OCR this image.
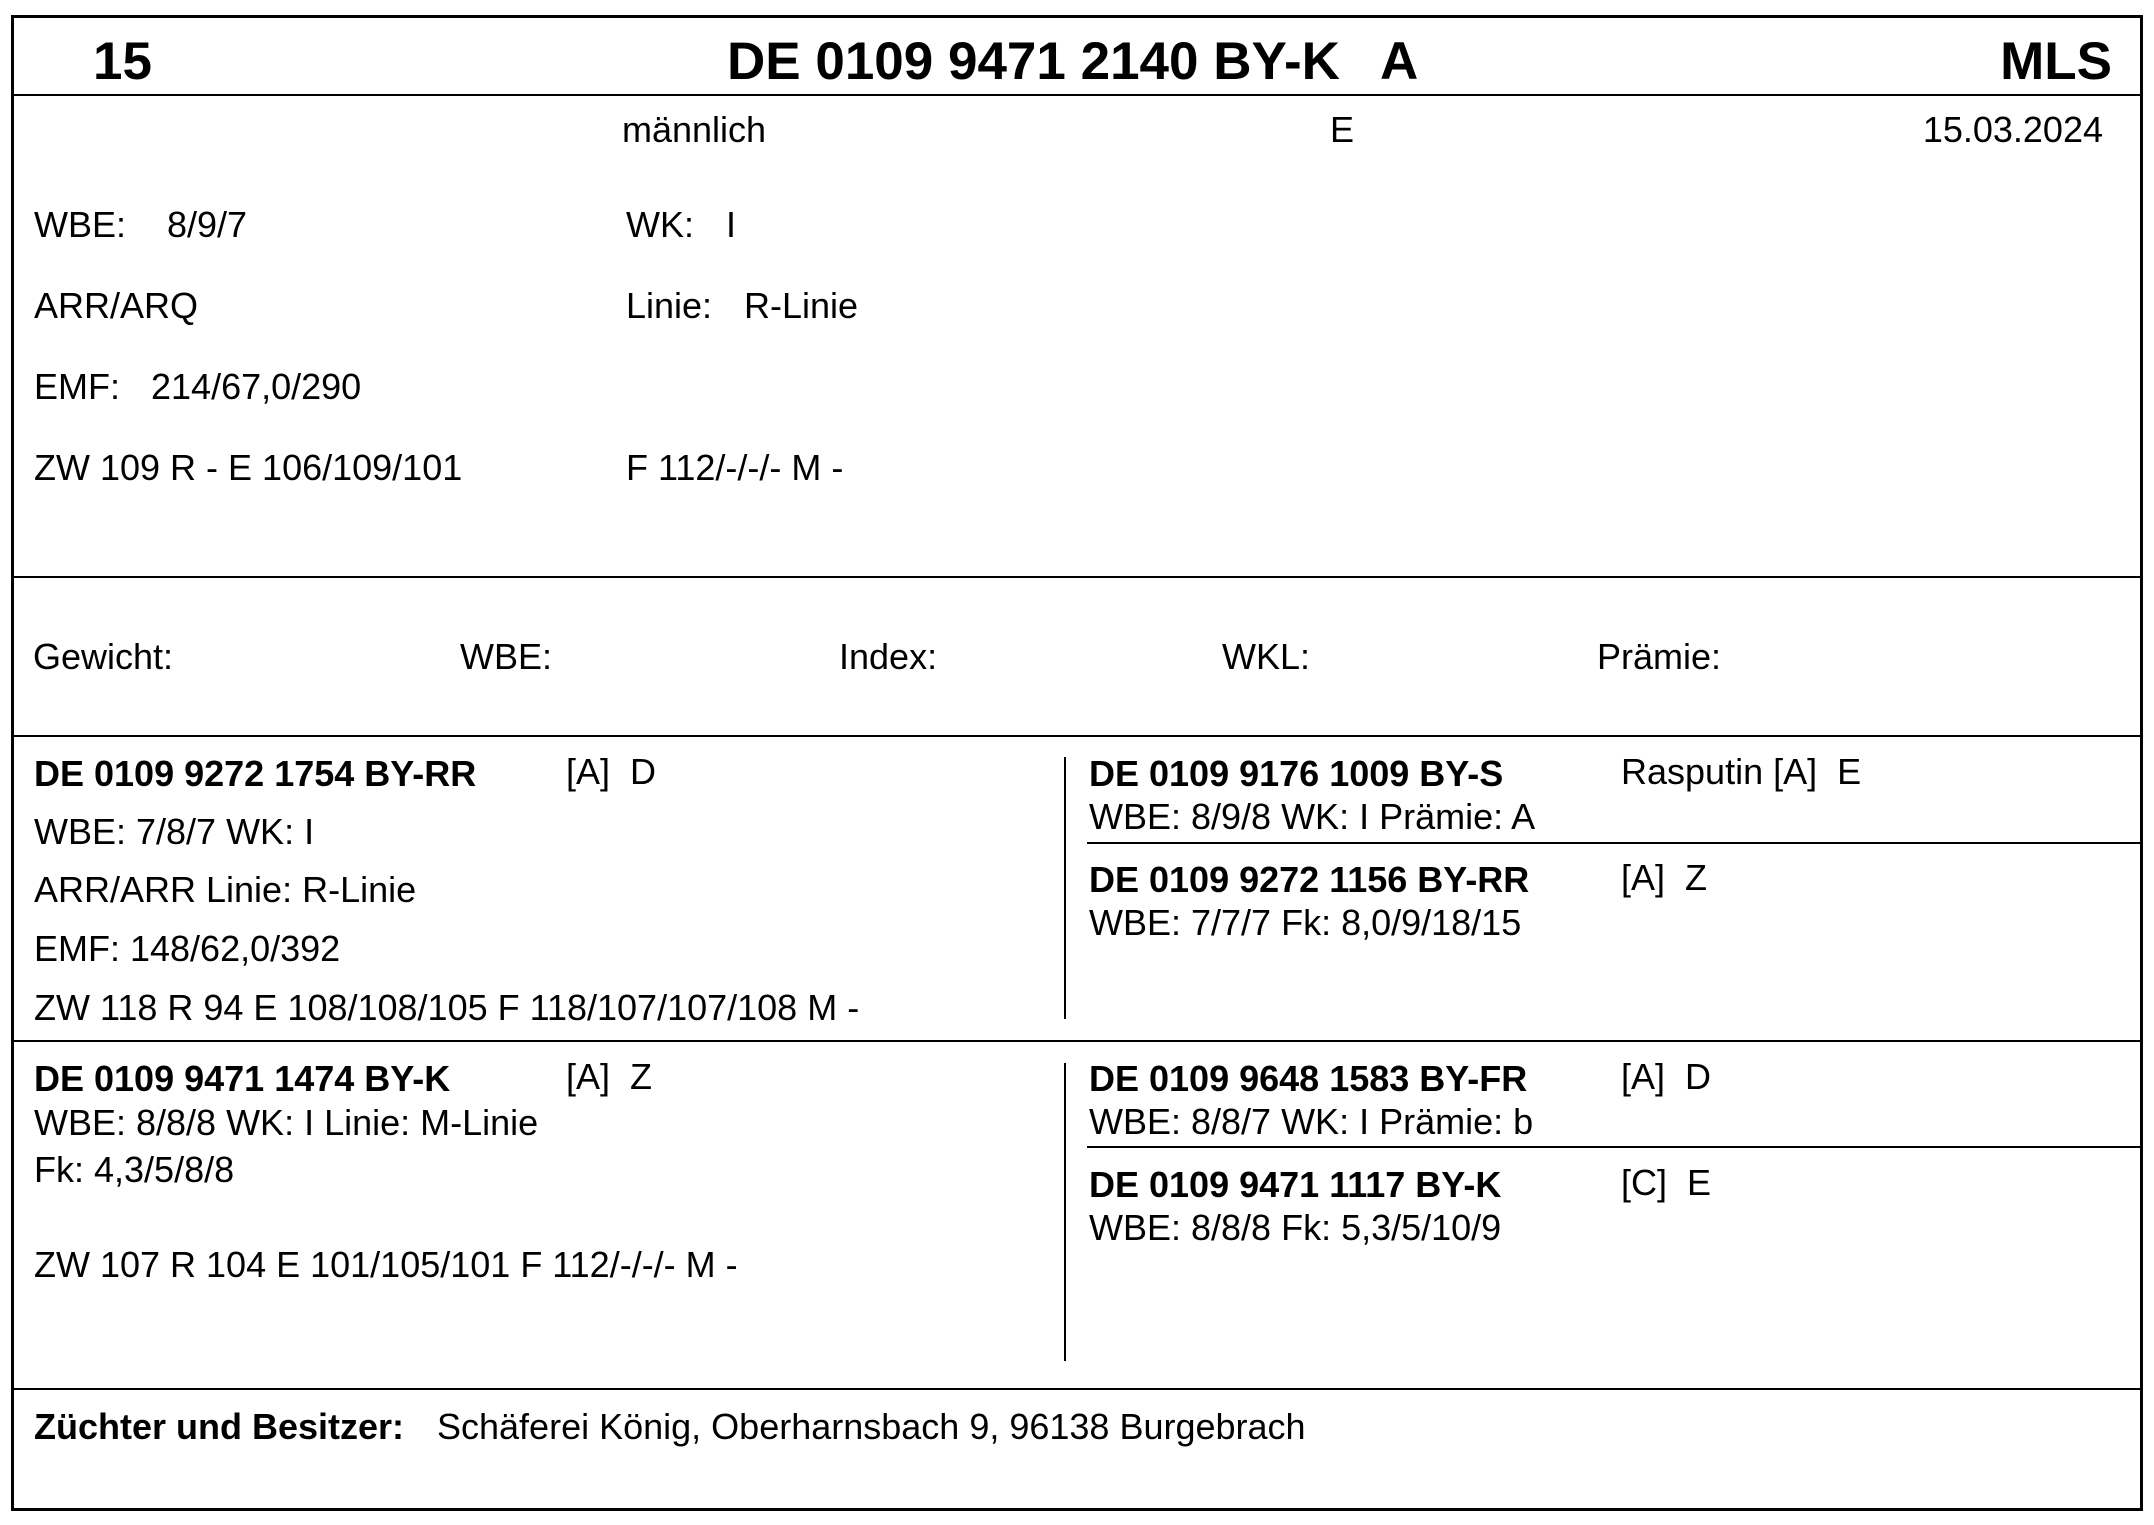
15	DE 0109 9471 2140 BY-K A	MLS
männlich	E	15.03.2024
WBE: 8/9/7	WK: I
ARR/ARQ	Linie: R-Linie
EMF: 214/67,0/290
ZW 109 R - E 106/109/101	F 112/-/-/- M -
Gewicht:	WBE:	Index:	WKL:	Prämie:
DE 0109 9272 1754 BY-RR [A]  D
WBE: 7/8/7 WK: I
ARR/ARR Linie: R-Linie
EMF: 148/62,0/392
ZW 118 R 94 E 108/108/105 F 118/107/107/108 M -
DE 0109 9176 1009 BY-S	Rasputin [A]  E
WBE: 8/9/8 WK: I Prämie: A
DE 0109 9272 1156 BY-RR	[A]  Z
WBE: 7/7/7 Fk: 8,0/9/18/15
DE 0109 9471 1474 BY-K	[A]  Z
WBE: 8/8/8 WK: I Linie: M-Linie
Fk: 4,3/5/8/8
ZW 107 R 104 E 101/105/101 F 112/-/-/- M -
DE 0109 9648 1583 BY-FR	[A]  D
WBE: 8/8/7 WK: I Prämie: b
DE 0109 9471 1117 BY-K	[C]  E
WBE: 8/8/8 Fk: 5,3/5/10/9
Züchter und Besitzer: Schäferei König, Oberharnsbach 9, 96138 Burgebrach
